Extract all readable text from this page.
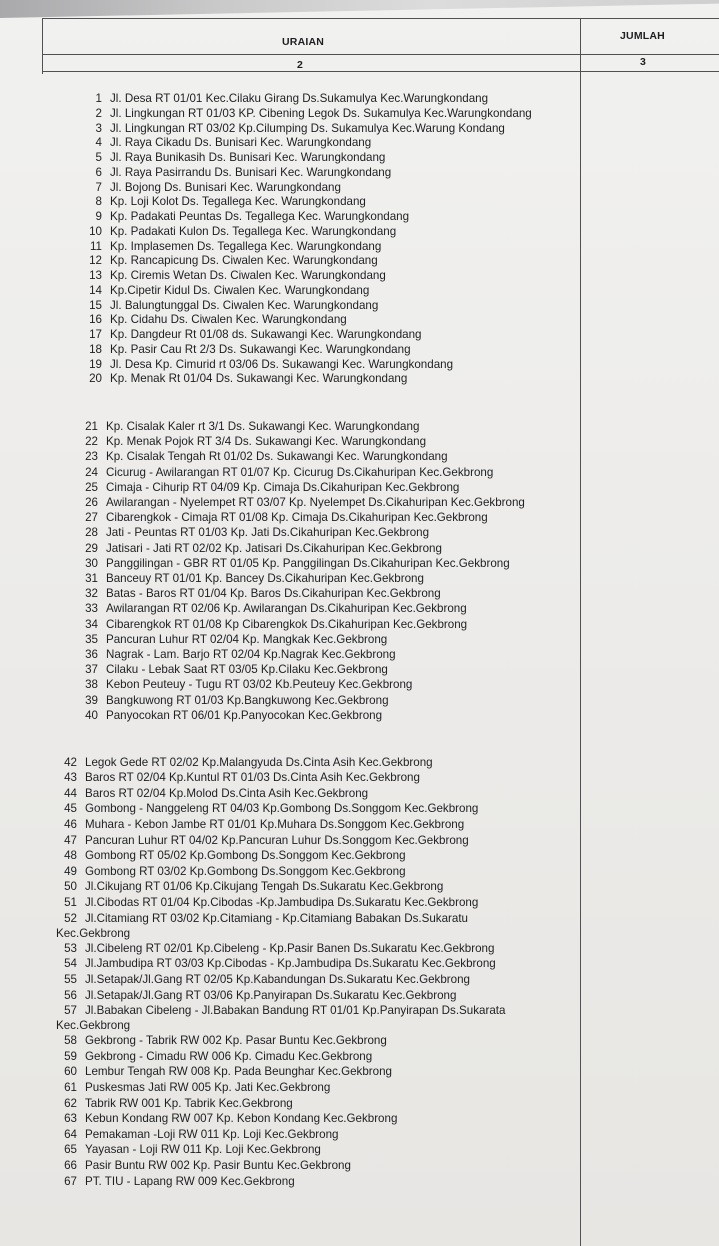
URAIAN	JUMLAH
2	3
1 Jl. Desa RT 01/01 Kec.Cilaku Girang Ds.Sukamulya Kec.Warungkondang
2 Jl. Lingkungan RT 01/03 KP. Cibening Legok Ds. Sukamulya Kec.Warungkondang
3 Jl. Lingkungan RT 03/02 Kp.Cilumping Ds. Sukamulya Kec.Warung Kondang
4 Jl. Raya Cikadu Ds. Bunisari Kec. Warungkondang
5 Jl. Raya Bunikasih Ds. Bunisari Kec. Warungkondang
6 Jl. Raya Pasirrandu Ds. Bunisari Kec. Warungkondang
7 Jl. Bojong Ds. Bunisari Kec. Warungkondang
8 Kp. Loji Kolot Ds. Tegallega Kec. Warungkondang
9 Kp. Padakati Peuntas Ds. Tegallega Kec. Warungkondang
10 Kp. Padakati Kulon Ds. Tegallega Kec. Warungkondang
11 Kp. Implasemen Ds. Tegallega Kec. Warungkondang
12 Kp. Rancapicung Ds. Ciwalen Kec. Warungkondang
13 Kp. Ciremis Wetan Ds. Ciwalen Kec. Warungkondang
14 Kp.Cipetir Kidul Ds. Ciwalen Kec. Warungkondang
15 Jl. Balungtunggal Ds. Ciwalen Kec. Warungkondang
16 Kp. Cidahu Ds. Ciwalen Kec. Warungkondang
17 Kp. Dangdeur Rt 01/08 ds. Sukawangi Kec. Warungkondang
18 Kp. Pasir Cau Rt 2/3 Ds. Sukawangi Kec. Warungkondang
19 Jl. Desa Kp. Cimurid rt 03/06 Ds. Sukawangi Kec. Warungkondang
20 Kp. Menak Rt 01/04 Ds. Sukawangi Kec. Warungkondang
21 Kp. Cisalak Kaler rt 3/1 Ds. Sukawangi Kec. Warungkondang
22 Kp. Menak Pojok RT 3/4 Ds. Sukawangi Kec. Warungkondang
23 Kp. Cisalak Tengah Rt 01/02 Ds. Sukawangi Kec. Warungkondang
24 Cicurug - Awilarangan RT 01/07 Kp. Cicurug Ds.Cikahuripan Kec.Gekbrong
25 Cimaja - Cihurip RT 04/09 Kp. Cimaja Ds.Cikahuripan Kec.Gekbrong
26 Awilarangan - Nyelempet RT 03/07 Kp. Nyelempet Ds.Cikahuripan Kec.Gekbrong
27 Cibarengkok - Cimaja RT 01/08 Kp. Cimaja Ds.Cikahuripan Kec.Gekbrong
28 Jati - Peuntas RT 01/03 Kp. Jati Ds.Cikahuripan Kec.Gekbrong
29 Jatisari - Jati RT 02/02 Kp. Jatisari Ds.Cikahuripan Kec.Gekbrong
30 Panggilingan - GBR RT 01/05 Kp. Panggilingan Ds.Cikahuripan Kec.Gekbrong
31 Banceuy RT 01/01 Kp. Bancey Ds.Cikahuripan Kec.Gekbrong
32 Batas - Baros RT 01/04 Kp. Baros Ds.Cikahuripan Kec.Gekbrong
33 Awilarangan RT 02/06 Kp. Awilarangan Ds.Cikahuripan Kec.Gekbrong
34 Cibarengkok RT 01/08 Kp Cibarengkok Ds.Cikahuripan Kec.Gekbrong
35 Pancuran Luhur RT 02/04 Kp. Mangkak Kec.Gekbrong
36 Nagrak - Lam. Barjo RT 02/04 Kp.Nagrak Kec.Gekbrong
37 Cilaku - Lebak Saat RT 03/05 Kp.Cilaku Kec.Gekbrong
38 Kebon Peuteuy - Tugu RT 03/02 Kb.Peuteuy Kec.Gekbrong
39 Bangkuwong RT 01/03 Kp.Bangkuwong Kec.Gekbrong
40 Panyocokan RT 06/01 Kp.Panyocokan Kec.Gekbrong
42 Legok Gede RT 02/02 Kp.Malangyuda Ds.Cinta Asih Kec.Gekbrong
43 Baros RT 02/04 Kp.Kuntul RT 01/03 Ds.Cinta Asih Kec.Gekbrong
44 Baros RT 02/04 Kp.Molod Ds.Cinta Asih Kec.Gekbrong
45 Gombong - Nanggeleng RT 04/03 Kp.Gombong Ds.Songgom Kec.Gekbrong
46 Muhara - Kebon Jambe RT 01/01 Kp.Muhara Ds.Songgom Kec.Gekbrong
47 Pancuran Luhur RT 04/02 Kp.Pancuran Luhur Ds.Songgom Kec.Gekbrong
48 Gombong RT 05/02 Kp.Gombong Ds.Songgom Kec.Gekbrong
49 Gombong RT 03/02 Kp.Gombong Ds.Songgom Kec.Gekbrong
50 Jl.Cikujang RT 01/06 Kp.Cikujang Tengah Ds.Sukaratu Kec.Gekbrong
51 Jl.Cibodas RT 01/04 Kp.Cibodas -Kp.Jambudipa Ds.Sukaratu Kec.Gekbrong
52 Jl.Citamiang RT 03/02 Kp.Citamiang - Kp.Citamiang Babakan Ds.Sukaratu
Kec.Gekbrong
53 Jl.Cibeleng RT 02/01 Kp.Cibeleng - Kp.Pasir Banen Ds.Sukaratu Kec.Gekbrong
54 Jl.Jambudipa RT 03/03 Kp.Cibodas - Kp.Jambudipa Ds.Sukaratu Kec.Gekbrong
55 Jl.Setapak/Jl.Gang RT 02/05 Kp.Kabandungan Ds.Sukaratu Kec.Gekbrong
56 Jl.Setapak/Jl.Gang RT 03/06 Kp.Panyirapan Ds.Sukaratu Kec.Gekbrong
57 Jl.Babakan Cibeleng - Jl.Babakan Bandung RT 01/01 Kp.Panyirapan Ds.Sukarata
Kec.Gekbrong
58 Gekbrong - Tabrik RW 002 Kp. Pasar Buntu Kec.Gekbrong
59 Gekbrong - Cimadu RW 006 Kp. Cimadu Kec.Gekbrong
60 Lembur Tengah RW 008 Kp. Pada Beunghar Kec.Gekbrong
61 Puskesmas Jati RW 005 Kp. Jati Kec.Gekbrong
62 Tabrik RW 001 Kp. Tabrik Kec.Gekbrong
63 Kebun Kondang RW 007 Kp. Kebon Kondang Kec.Gekbrong
64 Pemakaman -Loji RW 011 Kp. Loji Kec.Gekbrong
65 Yayasan - Loji RW 011 Kp. Loji Kec.Gekbrong
66 Pasir Buntu RW 002 Kp. Pasir Buntu Kec.Gekbrong
67 PT. TIU - Lapang RW 009 Kec.Gekbrong
